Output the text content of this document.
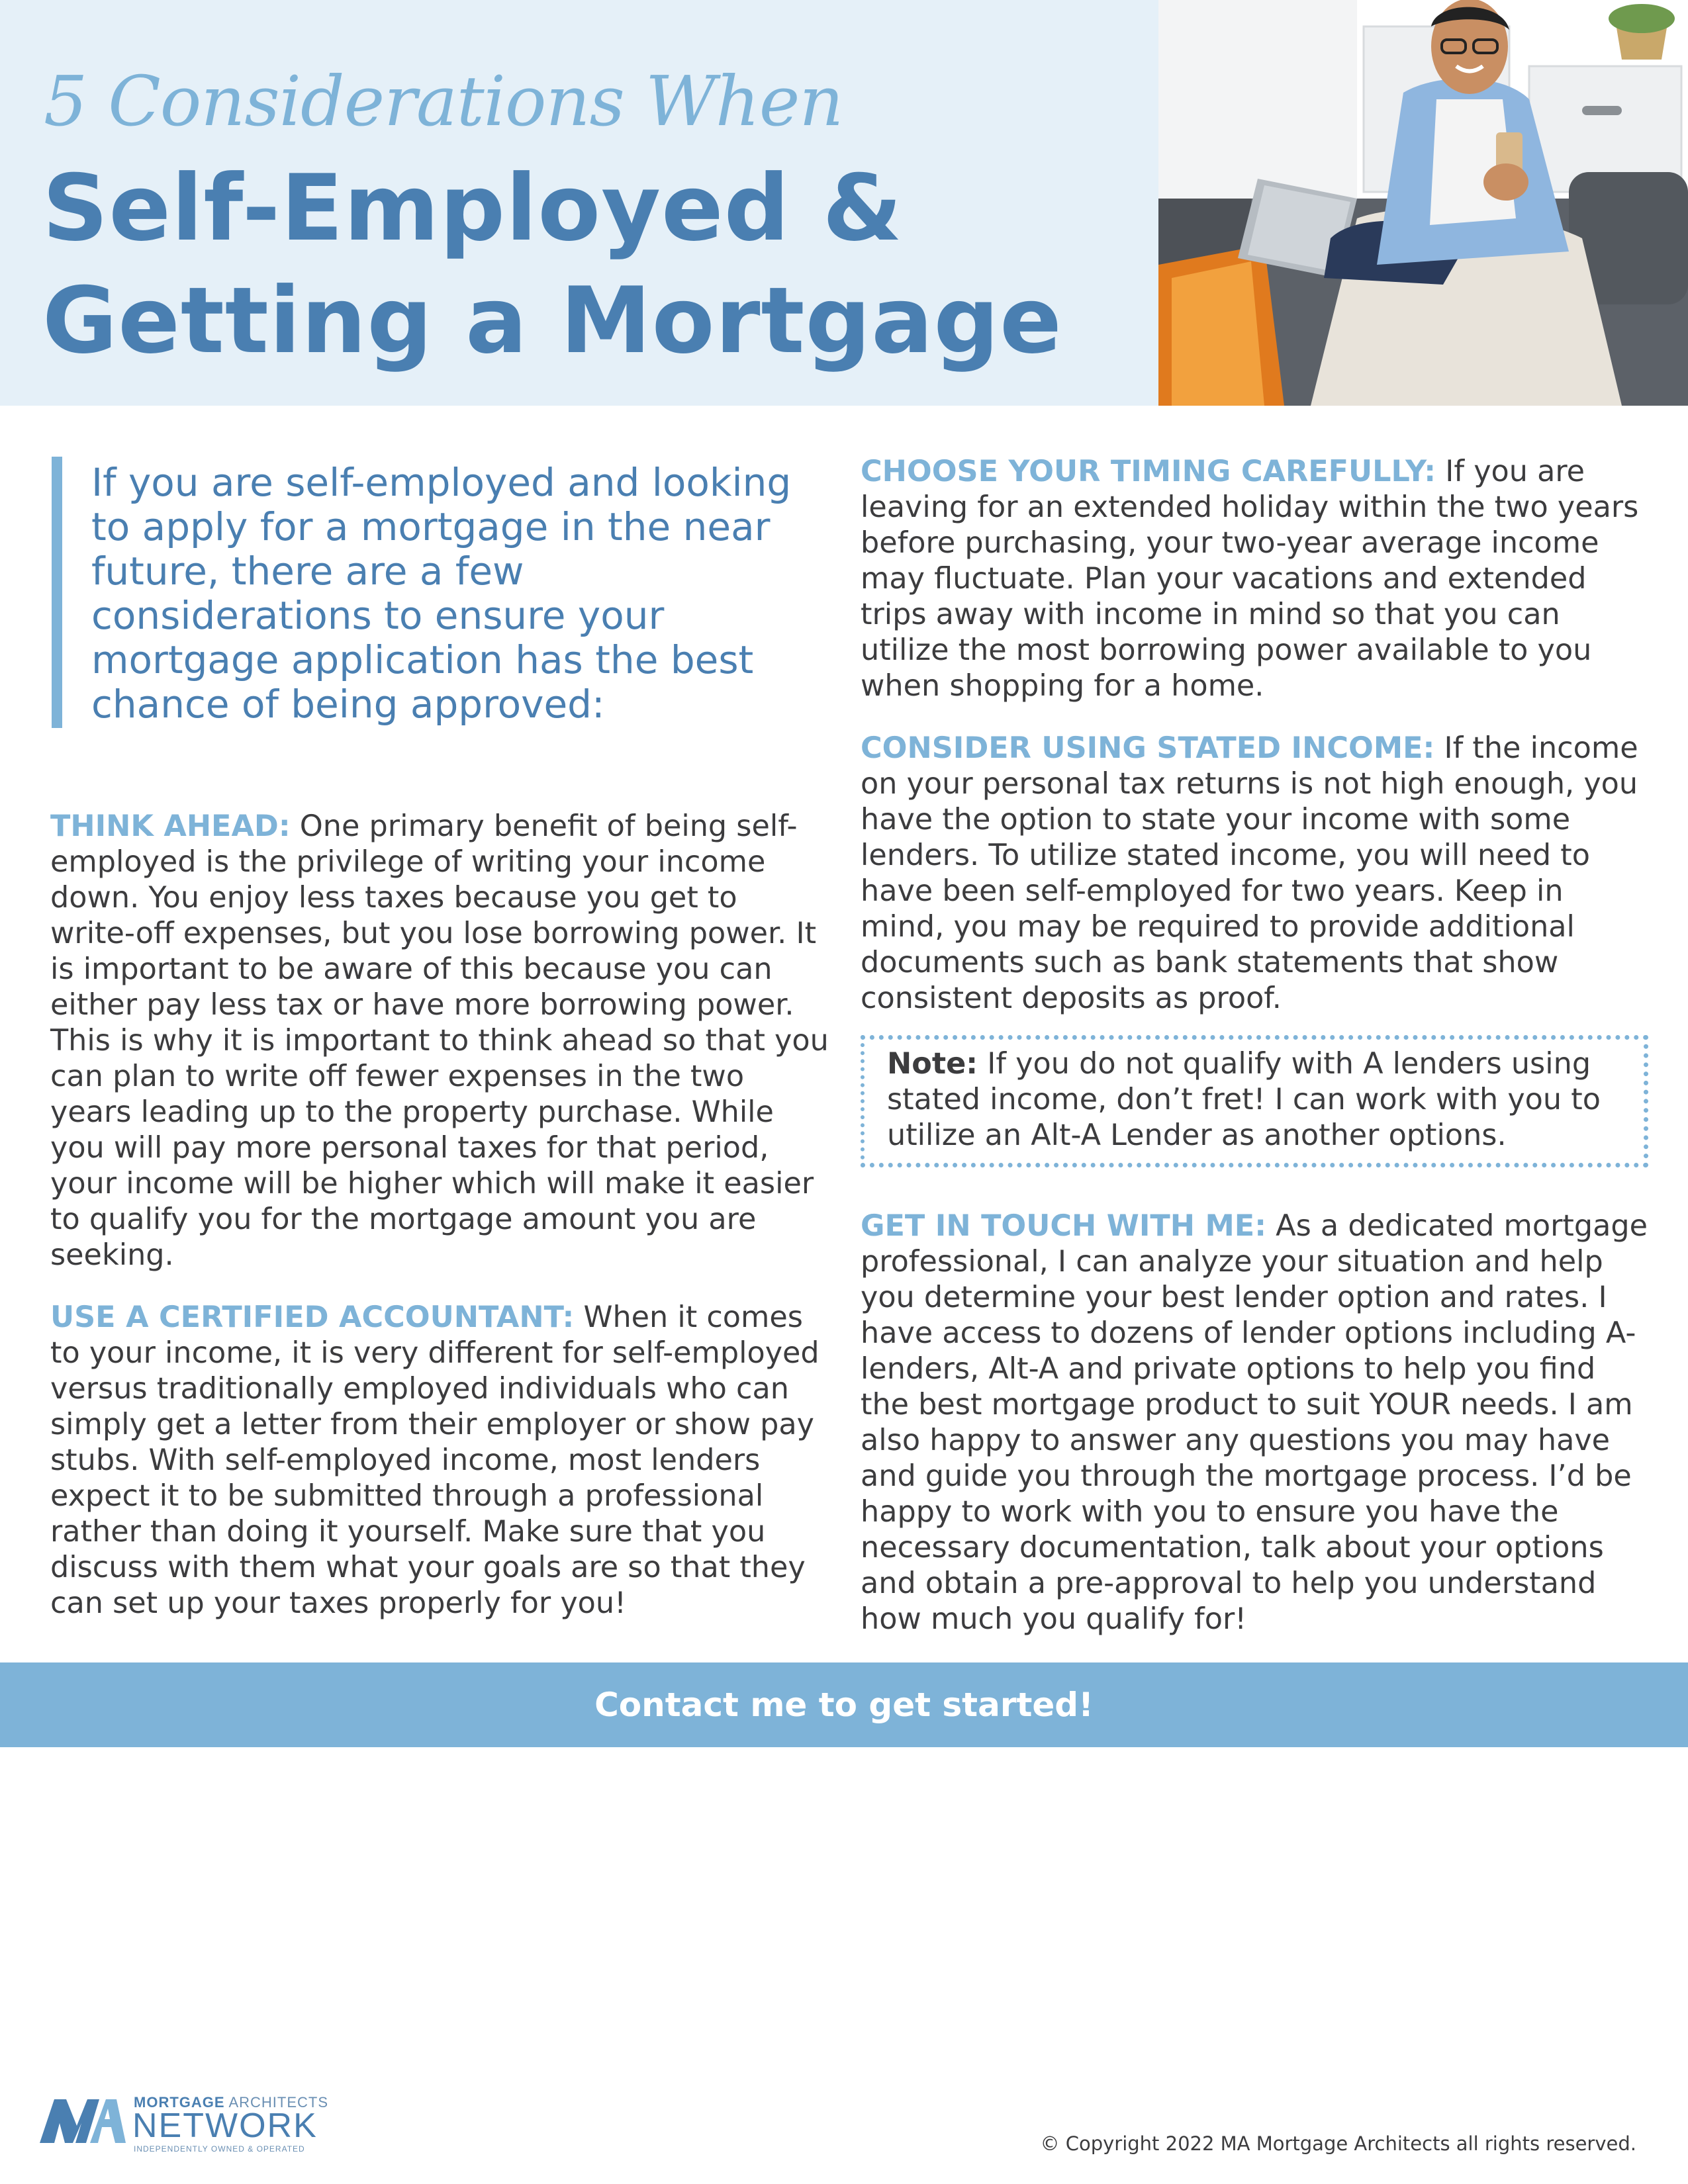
5 Considerations When
Self-Employed &
Getting a Mortgage

If you are self-employed and looking to apply for a mortgage in the near future, there are a few considerations to ensure your mortgage application has the best chance of being approved:

THINK AHEAD: One primary benefit of being self-employed is the privilege of writing your income down. You enjoy less taxes because you get to write-off expenses, but you lose borrowing power. It is important to be aware of this because you can either pay less tax or have more borrowing power. This is why it is important to think ahead so that you can plan to write off fewer expenses in the two years leading up to the property purchase. While you will pay more personal taxes for that period, your income will be higher which will make it easier to qualify you for the mortgage amount you are seeking.

USE A CERTIFIED ACCOUNTANT: When it comes to your income, it is very different for self-employed versus traditionally employed individuals who can simply get a letter from their employer or show pay stubs. With self-employed income, most lenders expect it to be submitted through a professional rather than doing it yourself. Make sure that you discuss with them what your goals are so that they can set up your taxes properly for you!

CHOOSE YOUR TIMING CAREFULLY: If you are leaving for an extended holiday within the two years before purchasing, your two-year average income may fluctuate. Plan your vacations and extended trips away with income in mind so that you can utilize the most borrowing power available to you when shopping for a home.

CONSIDER USING STATED INCOME: If the income on your personal tax returns is not high enough, you have the option to state your income with some lenders. To utilize stated income, you will need to have been self-employed for two years. Keep in mind, you may be required to provide additional documents such as bank statements that show consistent deposits as proof.

Note: If you do not qualify with A lenders using stated income, don’t fret! I can work with you to utilize an Alt-A Lender as another options.

GET IN TOUCH WITH ME: As a dedicated mortgage professional, I can analyze your situation and help you determine your best lender option and rates. I have access to dozens of lender options including A-lenders, Alt-A and private options to help you find the best mortgage product to suit YOUR needs. I am also happy to answer any questions you may have and guide you through the mortgage process. I’d be happy to work with you to ensure you have the necessary documentation, talk about your options and obtain a pre-approval to help you understand how much you qualify for!

Contact me to get started!
MORTGAGE ARCHITECTS
NETWORK
INDEPENDENTLY OWNED & OPERATED	© Copyright 2022 MA Mortgage Architects all rights reserved.
